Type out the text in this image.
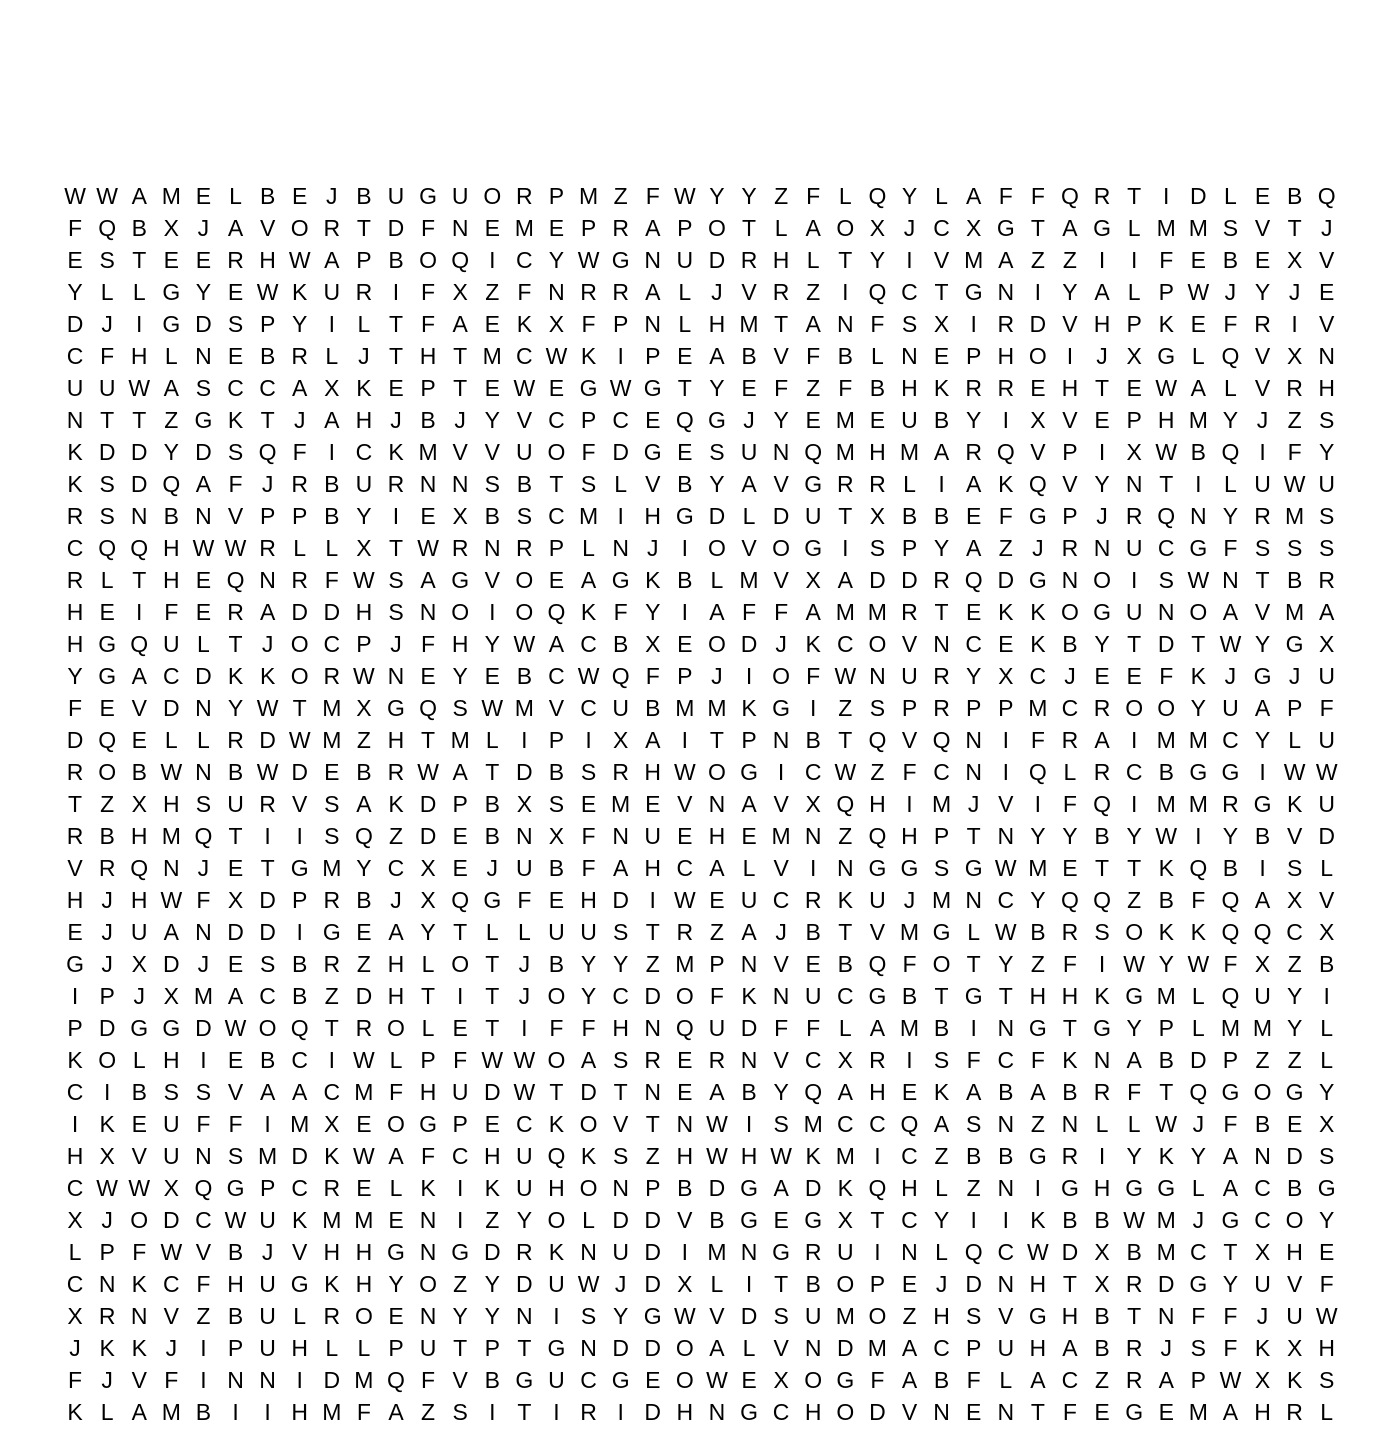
W W A M E L B E J B U G U O R P M Z F W Y Y Z F L Q Y L A F F Q R T I D L E B Q
F Q B X J A V O R T D F N E M E P R A P O T L A O X J C X G T A G L M M S V T J
E S T E E R H W A P B O Q I C Y W G N U D R H L T Y I V M A Z Z I	I F E B E X V
Y L L G Y E W K U R I F X Z F N R R A L J V R Z I Q C T G N I Y A L P W J Y J E
D J	I G D S P Y I L T F A E K X F P N L H M T A N F S X I R D V H P K E F R I V
C F H L N E B R L J T H T M C W K I P E A B V F B L N E P H O I	J X G L Q V X N
U U W A S C C A X K E P T E W E G W G T Y E F Z F B H K R R E H T E W A L V R H
N T T Z G K T J A H J B J Y V C P C E Q G J Y E M E U B Y I X V E P H M Y J Z S
K D D Y D S Q F I C K M V V U O F D G E S U N Q M H M A R Q V P I X W B Q I F Y
K S D Q A F J R B U R N N S B T S L V B Y A V G R R L I A K Q V Y N T I L U W U
R S N B N V P P B Y I E X B S C M I H G D L D U T X B B E F G P J R Q N Y R M S
C Q Q H W W R L L X T W R N R P L N J	I O V O G I S P Y A Z J R N U C G F S S S
R L T H E Q N R F W S A G V O E A G K B L M V X A D D R Q D G N O I S W N T B R
H E I F E R A D D H S N O I O Q K F Y I A F F A M M R T E K K O G U N O A V M A
H G Q U L T J O C P J F H Y W A C B X E O D J K C O V N C E K B Y T D T W Y G X
Y G A C D K K O R W N E Y E B C W Q F P J	I O F W N U R Y X C J E E F K J G J U
F E V D N Y W T M X G Q S W M V C U B M M K G I Z S P R P P M C R O O Y U A P F
D Q E L L R D W M Z H T M L I P I X A I T P N B T Q V Q N I F R A I M M C Y L U
R O B W N B W D E B R W A T D B S R H W O G I C W Z F C N I Q L R C B G G I W W
T Z X H S U R V S A K D P B X S E M E V N A V X Q H I M J V I F Q I M M R G K U
R B H M Q T I	I S Q Z D E B N X F N U E H E M N Z Q H P T N Y Y B Y W I Y B V D
V R Q N J E T G M Y C X E J U B F A H C A L V I N G G S G W M E T T K Q B I S L
H J H W F X D P R B J X Q G F E H D I W E U C R K U J M N C Y Q Q Z B F Q A X V
E J U A N D D I G E A Y T L L U U S T R Z A J B T V M G L W B R S O K K Q Q C X
G J X D J E S B R Z H L O T J B Y Y Z M P N V E B Q F O T Y Z F I W Y W F X Z B
I P J X M A C B Z D H T I T J O Y C D O F K N U C G B T G T H H K G M L Q U Y I
P D G G D W O Q T R O L E T I F F H N Q U D F F L A M B I N G T G Y P L M M Y L
K O L H I E B C I W L P F W W O A S R E R N V C X R I S F C F K N A B D P Z Z L
C I B S S V A A C M F H U D W T D T N E A B Y Q A H E K A B A B R F T Q G O G Y
I K E U F F I M X E O G P E C K O V T N W I S M C C Q A S N Z N L L W J F B E X
H X V U N S M D K W A F C H U Q K S Z H W H W K M I C Z B B G R I Y K Y A N D S
C W W X Q G P C R E L K I K U H O N P B D G A D K Q H L Z N I G H G G L A C B G
X J O D C W U K M M E N I Z Y O L D D V B G E G X T C Y I	I K B B W M J G C O Y
L P F W V B J V H H G N G D R K N U D I M N G R U I N L Q C W D X B M C T X H E
C N K C F H U G K H Y O Z Y D U W J D X L I T B O P E J D N H T X R D G Y U V F
X R N V Z B U L R O E N Y Y N I S Y G W V D S U M O Z H S V G H B T N F F J U W
J K K J	I P U H L L P U T P T G N D D O A L V N D M A C P U H A B R J S F K X H
F J V F I N N I D M Q F V B G U C G E O W E X O G F A B F L A C Z R A P W X K S
K L A M B I	I H M F A Z S I T I R I D H N G C H O D V N E N T F E G E M A H R L
